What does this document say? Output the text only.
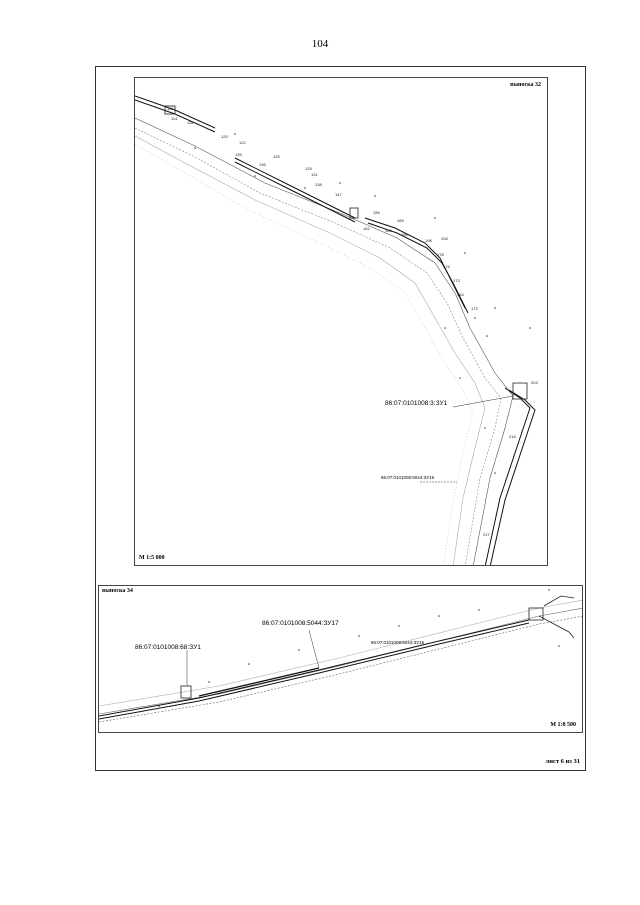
104
113
114
118
120
122
125
128
131
135
136
138
147
156
160
162
165
196
198 208
178
174
173
164
172
204
218
217
выноска 32
86:07:0101008:3:ЗУ1
86:07:0101008:5044:ЗУ16
М 1:5 000
выноска 34
86:07:0101008:5044:ЗУ17
86:07:0101008:68:ЗУ1
86:07:0101008:5044:ЗУ16
М 1:8 500
лист 6 из 31
